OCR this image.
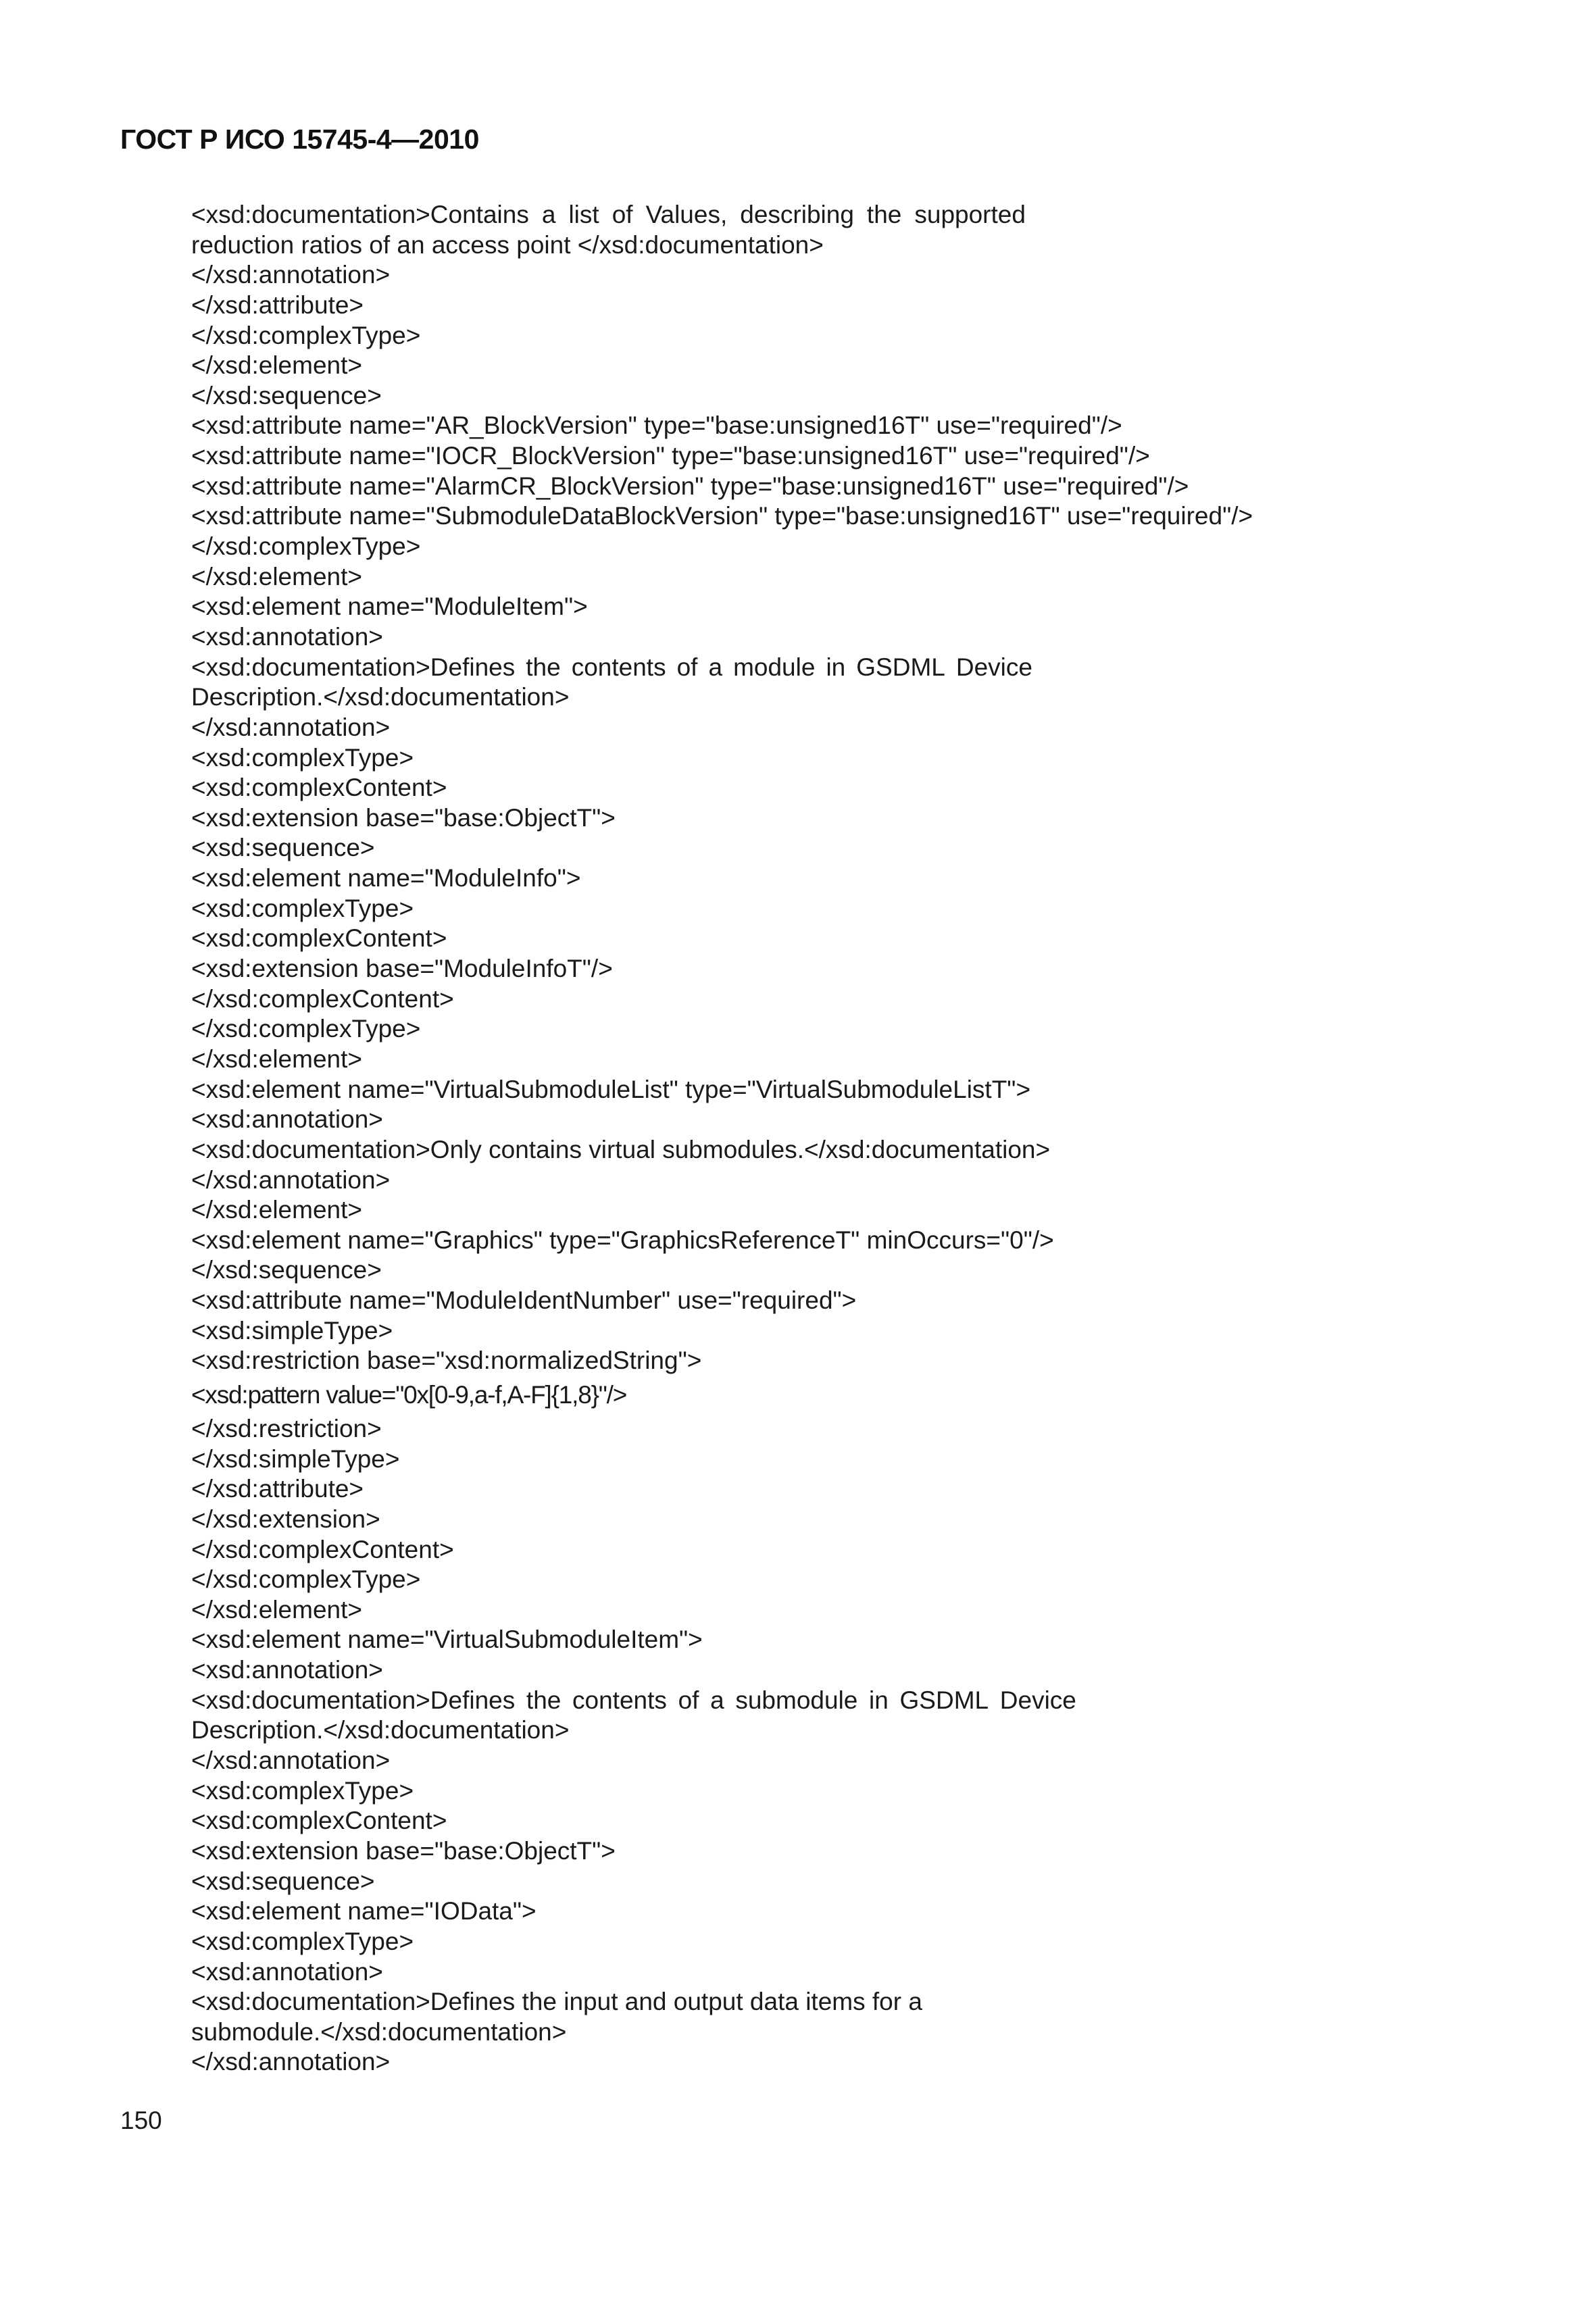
ГОСТ Р ИСО 15745-4—2010
<xsd:documentation>Contains a list of Values, describing the supported
reduction ratios of an access point </xsd:documentation>
</xsd:annotation>
</xsd:attribute>
</xsd:complexType>
</xsd:element>
</xsd:sequence>
<xsd:attribute name="AR_BlockVersion" type="base:unsigned16T" use="required"/>
<xsd:attribute name="IOCR_BlockVersion" type="base:unsigned16T" use="required"/>
<xsd:attribute name="AlarmCR_BlockVersion" type="base:unsigned16T" use="required"/>
<xsd:attribute name="SubmoduleDataBlockVersion" type="base:unsigned16T" use="required"/>
</xsd:complexType>
</xsd:element>
<xsd:element name="ModuleItem">
<xsd:annotation>
<xsd:documentation>Defines the contents of a module in GSDML Device
Description.</xsd:documentation>
</xsd:annotation>
<xsd:complexType>
<xsd:complexContent>
<xsd:extension base="base:ObjectT">
<xsd:sequence>
<xsd:element name="ModuleInfo">
<xsd:complexType>
<xsd:complexContent>
<xsd:extension base="ModuleInfoT"/>
</xsd:complexContent>
</xsd:complexType>
</xsd:element>
<xsd:element name="VirtualSubmoduleList" type="VirtualSubmoduleListT">
<xsd:annotation>
<xsd:documentation>Only contains virtual submodules.</xsd:documentation>
</xsd:annotation>
</xsd:element>
<xsd:element name="Graphics" type="GraphicsReferenceT" minOccurs="0"/>
</xsd:sequence>
<xsd:attribute name="ModuleIdentNumber" use="required">
<xsd:simpleType>
<xsd:restriction base="xsd:normalizedString">
<xsd:pattern value="0x[0-9,a-f,A-F]{1,8}"/>
</xsd:restriction>
</xsd:simpleType>
</xsd:attribute>
</xsd:extension>
</xsd:complexContent>
</xsd:complexType>
</xsd:element>
<xsd:element name="VirtualSubmoduleItem">
<xsd:annotation>
<xsd:documentation>Defines the contents of a submodule in GSDML Device
Description.</xsd:documentation>
</xsd:annotation>
<xsd:complexType>
<xsd:complexContent>
<xsd:extension base="base:ObjectT">
<xsd:sequence>
<xsd:element name="IOData">
<xsd:complexType>
<xsd:annotation>
<xsd:documentation>Defines the input and output data items for a
submodule.</xsd:documentation>
</xsd:annotation>
150
